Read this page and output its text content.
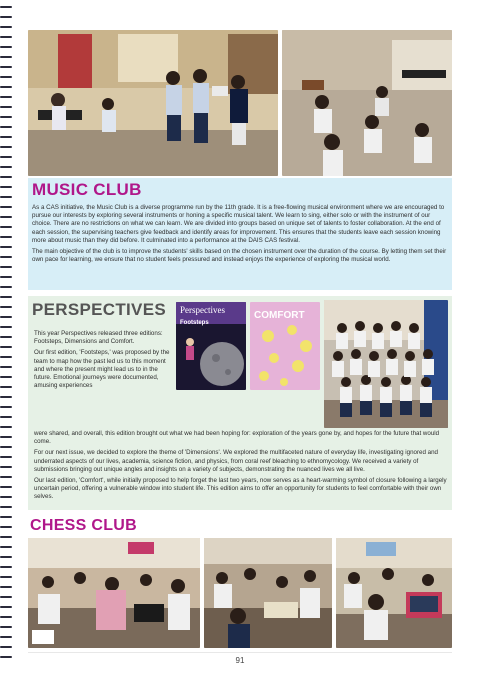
MUSIC CLUB

As a CAS initiative, the Music Club is a diverse programme run by the 11th grade. It is a free-flowing musical environment where we are encouraged to pursue our interests by exploring several instruments or honing a specific musical talent. We learn to sing, either solo or with the instrument of our choice. There are no restrictions on what we can learn. We are divided into groups based on unique set of talents to foster collaboration. At the end of each session, the supervising teachers give feedback and identify areas for improvement. This ensures that the students leave each session knowing more about music than they did before. It culminated into a performance at the DAIS CAS festival.

The main objective of the club is to improve the students' skills based on the chosen instrument over the duration of the course. By letting them set their own pace for learning, we ensure that no student feels pressured and instead enjoys the experience of exploring the musical world.

PERSPECTIVES

This year Perspectives released three editions: Footsteps, Dimensions and Comfort.

Our first edition, 'Footsteps,' was proposed by the team to map how the past led us to this moment and where the present might lead us to in the future. Emotional journeys were documented, amusing experiences

Perspectives
Footsteps
COMFORT

were shared, and overall, this edition brought out what we had been hoping for: exploration of the years gone by, and hopes for the future that would come.

For our next issue, we decided to explore the theme of 'Dimensions'. We explored the multifaceted nature of everyday life, investigating ignored and underrated aspects of our lives, academia, science fiction, and physics, from coral reef bleaching to ethnomycology. We received a variety of submissions bringing out unique angles and insights on a variety of subjects, demonstrating the nuanced lives we all live.

Our last edition, 'Comfort', while initially proposed to help forget the last two years, now serves as a heart-warming symbol of closure following a largely uncertain period, offering a vulnerable window into student life. This edition aims to offer an opportunity for students to feel comfortable with their own selves.

CHESS CLUB
91
